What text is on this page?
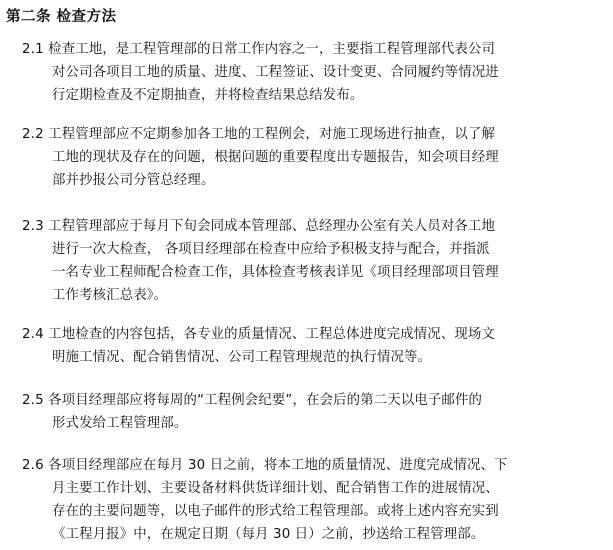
第二条 检查方法
2.1 检查工地，是工程管理部的日常工作内容之一，主要指工程管理部代表公司
对公司各项目工地的质量、进度、工程签证、设计变更、合同履约等情况进
行定期检查及不定期抽查，并将检查结果总结发布。
2.2 工程管理部应不定期参加各工地的工程例会，对施工现场进行抽查，以了解
工地的现状及存在的问题，根据问题的重要程度出专题报告，知会项目经理
部并抄报公司分管总经理。
2.3 工程管理部应于每月下旬会同成本管理部、总经理办公室有关人员对各工地
进行一次大检查， 各项目经理部在检查中应给予积极支持与配合，并指派
一名专业工程师配合检查工作，具体检查考核表详见《项目经理部项目管理
工作考核汇总表》。
2.4 工地检查的内容包括，各专业的质量情况、工程总体进度完成情况、现场文
明施工情况、配合销售情况、公司工程管理规范的执行情况等。
2.5 各项目经理部应将每周的“工程例会纪要”，在会后的第二天以电子邮件的
形式发给工程管理部。
2.6 各项目经理部应在每月 30 日之前，将本工地的质量情况、进度完成情况、下
月主要工作计划、主要设备材料供货详细计划、配合销售工作的进展情况、
存在的主要问题等，以电子邮件的形式给工程管理部。或将上述内容充实到
《工程月报》中，在规定日期（每月 30 日）之前，抄送给工程管理部。
